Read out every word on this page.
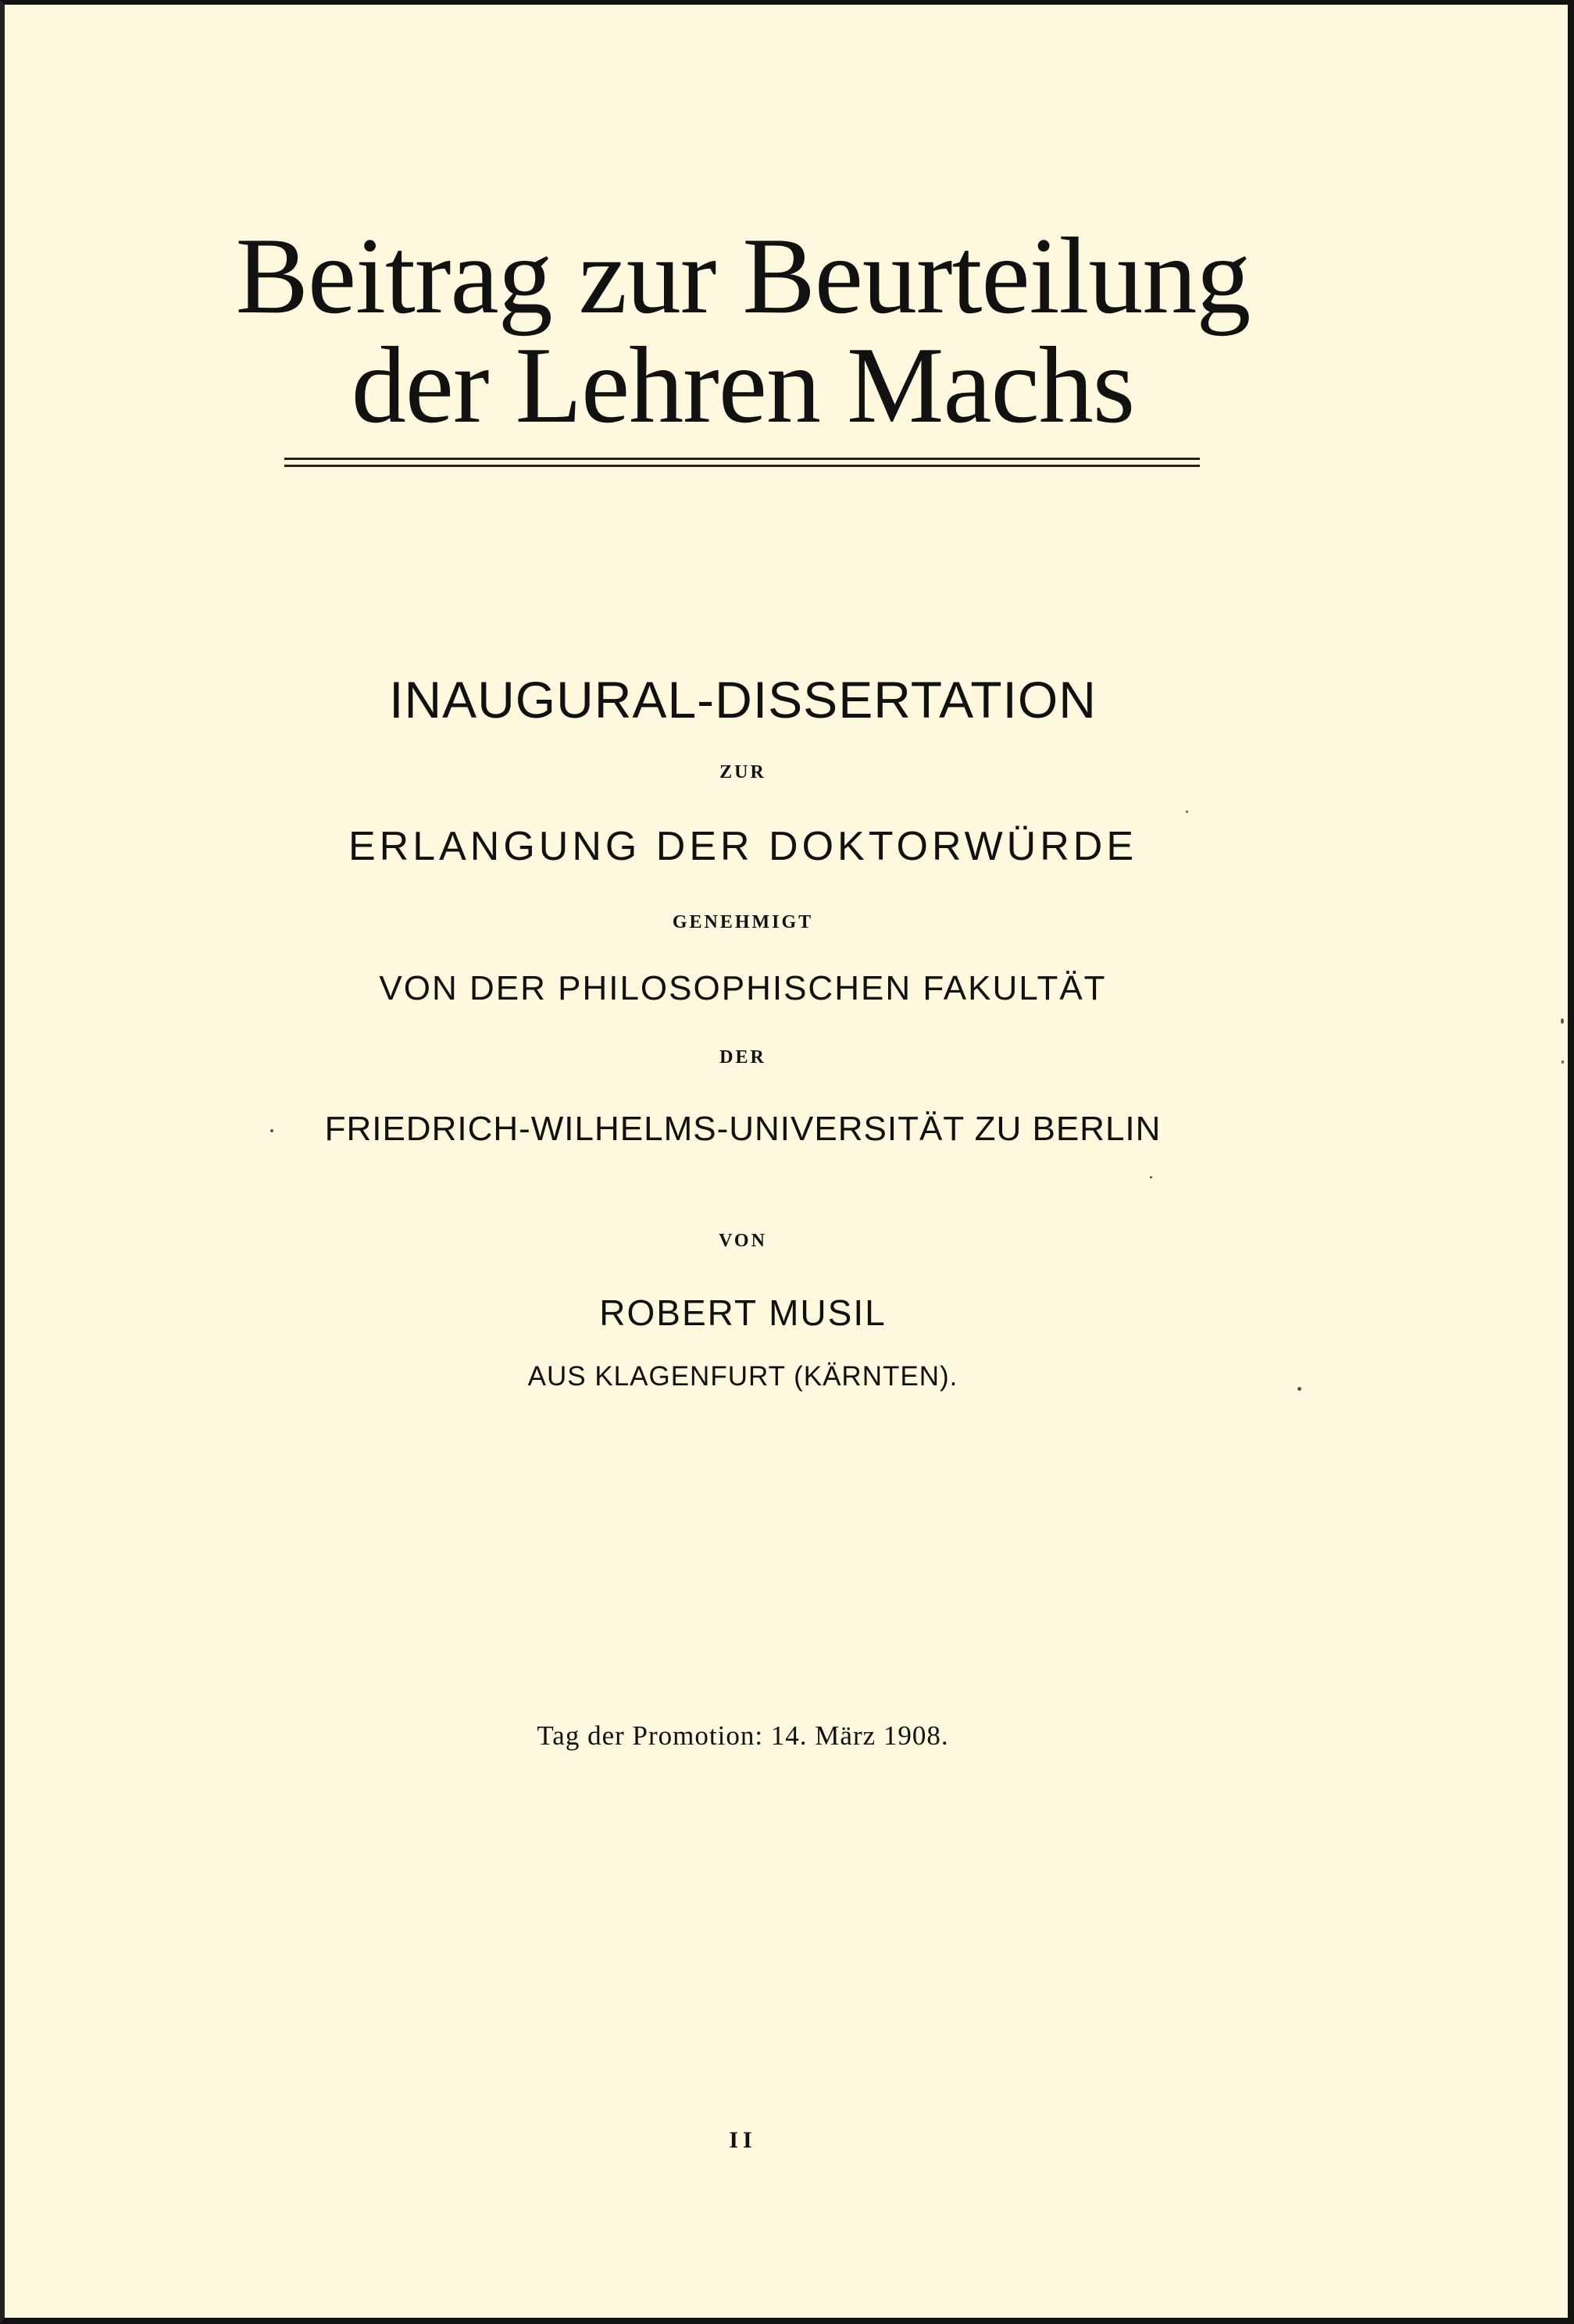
Beitrag zur Beurteilung
der Lehren Machs
INAUGURAL-DISSERTATION
ZUR
ERLANGUNG DER DOKTORWÜRDE
GENEHMIGT
VON DER PHILOSOPHISCHEN FAKULTÄT
DER
FRIEDRICH-WILHELMS-UNIVERSITÄT ZU BERLIN
VON
ROBERT MUSIL
AUS KLAGENFURT (KÄRNTEN).
Tag der Promotion: 14. März 1908.
II
